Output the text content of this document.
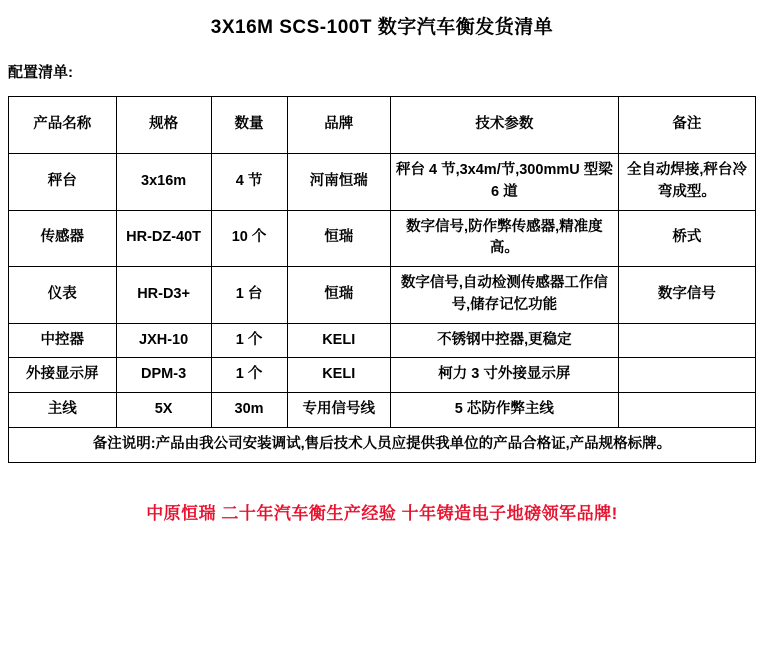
3X16M SCS-100T 数字汽车衡发货清单
配置清单:
产品名称	规格	数量	品牌	技术参数	备注
秤台	3x16m	4 节	河南恒瑞	秤台 4 节,3x4m/节,300mmU 型梁 6 道	全自动焊接,秤台冷弯成型。
传感器	HR-DZ-40T	10 个	恒瑞	数字信号,防作弊传感器,精准度高。	桥式
仪表	HR-D3+	1 台	恒瑞	数字信号,自动检测传感器工作信号,储存记忆功能	数字信号
中控器	JXH-10	1 个	KELI	不锈钢中控器,更稳定	
外接显示屏	DPM-3	1 个	KELI	柯力 3 寸外接显示屏	
主线	5X	30m	专用信号线	5 芯防作弊主线	
备注说明:产品由我公司安装调试,售后技术人员应提供我单位的产品合格证,产品规格标牌。					
中原恒瑞 二十年汽车衡生产经验 十年铸造电子地磅领军品牌!
